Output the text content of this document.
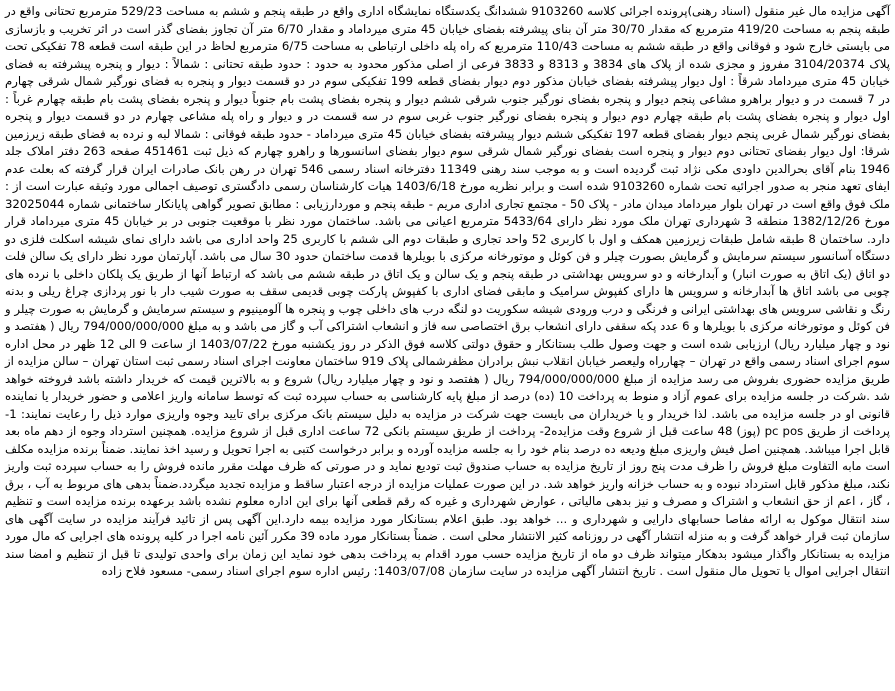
آگهی مزایده مال غیر منقول (اسناد رهنی)پرونده اجرائی کلاسه 9103260 ششدانگ یکدستگاه نمایشگاه اداری واقع در طبقه پنجم و ششم به مساحت 529/23 مترمربع تحتانی واقع در طبقه پنجم به مساحت 419/20 مترمربع که مقدار 30/70 متر آن بنای پیشرفته بفضای خیابان 45 متری میرداماد و مقدار 6/70 متر آن تجاوز بفضای گذر است در اثر تخریب و بازسازی می بایستی خارج شود و فوقانی واقع در طبقه ششم به مساحت 110/43 مترمربع که راه پله داخلی ارتباطی به مساحت 6/75 مترمربع لحاظ در این طبقه است قطعه 78 تفکیکی تحت پلاک 3104/20374 مفروز و مجزی شده از پلاک های 3834 و 8313 و 3833 فرعی از اصلی مذکور محدود به حدود : حدود طبقه تحتانی : شمالاً : دیوار و پنجره پیشرفته به فضای خیابان 45 متری میرداماد شرقاً : اول دیوار پیشرفته بفضای خیابان مذکور دوم دیوار بفضای قطعه 199 تفکیکی سوم در دو قسمت دیوار و پنجره به فضای نورگیر شمال شرقی چهارم در 7 قسمت در و دیوار براهرو مشاعی پنجم دیوار و پنجره بفضای نورگیر جنوب شرقی ششم دیوار و پنجره بفضای پشت بام جنوباً دیوار و پنجره بفضای پشت بام طبقه چهارم غرباً : اول دیوار و پنجره بفضای پشت بام طبقه چهارم دوم دیوار و پنجره بفضای نورگیر جنوب غربی سوم در سه قسمت در و دیوار و راه پله مشاعی چهارم در دو قسمت دیوار و پنجره بفضای نورگیر شمال غربی پنجم دیوار بفضای قطعه 197 تفکیکی ششم دیوار پیشرفته بفضای خیابان 45 متری میرداماد - حدود طبقه فوقانی : شمالا لبه و نرده به فضای طبقه زیرزمین شرقا: اول دیوار بفضای تحتانی دوم دیوار و پنجره است بفضای نورگیر شمال شرقی سوم دیوار بفضای اسانسورها و راهرو چهارم که ذیل ثبت 451461 صفحه 263 دفتر املاک جلد 1946 بنام آقای بحرالدین داودی مکی نژاد ثبت گردیده است و به موجب سند رهنی 11349 دفترخانه اسناد رسمی 546 تهران در رهن بانک صادرات ایران قرار گرفته که بعلت عدم ایفای تعهد منجر به صدور اجرائیه تحت شماره 9103260 شده است و برابر نظریه مورخ 1403/6/18 هیات کارشناسان رسمی دادگستری توصیف اجمالی مورد وثیقه عبارت است از : ملک فوق واقع است در تهران بلوار میرداماد میدان مادر - پلاک 50 - مجتمع تجاری اداری مریم - طبقه پنجم و موردارزیابی : مطابق تصویر گواهی پایانکار ساختمانی شماره 32025044 مورخ 1382/12/26 منطقه 3 شهرداری تهران ملک مورد نظر دارای 5433/64 مترمربع اعیانی می باشد. ساختمان مورد نظر با موقعیت جنوبی در بر خیابان 45 متری میرداماد قرار دارد. ساختمان 8 طبقه شامل طبقات زیرزمین همکف و اول با کاربری 52 واحد تجاری و طبقات دوم الی ششم با کاربری 25 واحد اداری می باشد دارای نمای شیشه اسکلت فلزی دو دستگاه آسانسور سیستم سرمایش و گرمایش بصورت چیلر و فن کوئل و موتورخانه مرکزی با بویلرها قدمت ساختمان حدود 30 سال می باشد. آپارتمان مورد نظر دارای یک سالن فلت دو اتاق (یک اتاق به صورت انبار) و آبدارخانه و دو سرویس بهداشتی در طبقه پنجم و یک سالن و یک اتاق در طبقه ششم می باشد که ارتباط آنها از طریق یک پلکان داخلی با نرده های چوبی می باشد اتاق ها آبدارخانه و سرویس ها دارای کفپوش سرامیک و مابقی فضای اداری با کفپوش پارکت چوبی قدیمی سقف به صورت شیب دار با نور پردازی چراغ ریلی و بدنه رنگ و نقاشی سرویس های بهداشتی ایرانی و فرنگی و درب ورودی شیشه سکوریت دو لنگه درب های داخلی چوب و پنجره ها آلومینیوم و سیستم سرمایش و گرمایش به صورت چیلر و فن کوئل و موتورخانه مرکزی با بویلرها و 6 عدد پکه سقفی دارای انشعاب برق اختصاصی سه فاز و انشعاب اشتراکی آب و گاز می باشد و به مبلغ 794/000/000/000 ریال ( هفتصد و نود و چهار میلیارد ریال) ارزیابی شده است و جهت وصول طلب بستانکار و حقوق دولتی کلاسه فوق الذکر در روز یکشنبه مورخ 1403/07/22 از ساعت 9 الی 12 ظهر در محل اداره سوم اجرای اسناد رسمی واقع در تهران – چهارراه ولیعصر خیابان انقلاب نبش برادران مظفرشمالی پلاک 919 ساختمان معاونت اجرای اسناد رسمی ثبت استان تهران – سالن مزایده از طریق مزایده حضوری بفروش می رسد مزایده از مبلغ 794/000/000/000 ریال ( هفتصد و نود و چهار میلیارد ریال) شروع و به بالاترین قیمت که خریدار داشته باشد فروخته خواهد شد .شرکت در جلسه مزایده برای عموم آزاد و منوط به پرداخت 10 (ده) درصد از مبلغ پایه کارشناسی به حساب سپرده ثبت که توسط سامانه واریز اعلامی و حضور خریدار یا نماینده قانونی او در جلسه مزایده می باشد. لذا خریدار و یا خریداران می بایست جهت شرکت در مزایده به دلیل سیستم بانک مرکزی برای تایید وجوه واریزی موارد ذیل را رعایت نمایند: 1- پرداخت از طریق pc pos (پوز) 48 ساعت قبل از شروع وقت مزایده2- پرداخت از طریق سیستم بانکی 72 ساعت اداری قبل از شروع مزایده. همچنین استرداد وجوه از دهم ماه بعد قابل اجرا میباشد. همچنین اصل فیش واریزی مبلغ ودیعه ده درصد بنام خود را به جلسه مزایده آورده و برابر درخواست کتبی به اجرا تحویل و رسید اخذ نمایند. ضمناً برنده مزایده مکلف است مابه التفاوت مبلغ فروش را ظرف مدت پنج روز از تاریخ مزایده به حساب صندوق ثبت تودیع نماید و در صورتی که ظرف مهلت مقرر مانده فروش را به حساب سپرده ثبت واریز نکند، مبلغ مذکور قابل استرداد نبوده و به حساب خزانه واریز خواهد شد. در این صورت عملیات مزایده از درجه اعتبار ساقط و مزایده تجدید میگردد.ضمناً بدهی های مربوط به آب ، برق ، گاز ، اعم از حق انشعاب و اشتراک و مصرف و نیز بدهی مالیاتی ، عوارض شهرداری و غیره که رقم قطعی آنها برای این اداره معلوم نشده باشد برعهده برنده مزایده است و تنظیم سند انتقال موکول به ارائه مفاصا حسابهای دارایی و شهرداری و ... خواهد بود. طبق اعلام بستانکار مورد مزایده بیمه دارد.این آگهی پس از تائید فرآیند مزایده در سایت آگهی های سازمان ثبت قرار خواهد گرفت و به منزله انتشار آگهی در روزنامه کثیر الانتشار محلی است . ضمناً بستانکار مورد ماده 39 مکرر آئین نامه اجرا در کلیه پرونده های اجرایی که مال مورد مزایده به بستانکار واگذار میشود بدهکار میتواند ظرف دو ماه از تاریخ مزایده حسب مورد اقدام به پرداخت بدهی خود نماید این زمان برای واحدی تولیدی تا قبل از تنظیم و امضا سند انتقال اجرایی اموال یا تحویل مال منقول است . تاریخ انتشار آگهی مزایده در سایت سازمان 1403/07/08: رئیس اداره سوم اجرای اسناد رسمی- مسعود فلاح زاده
